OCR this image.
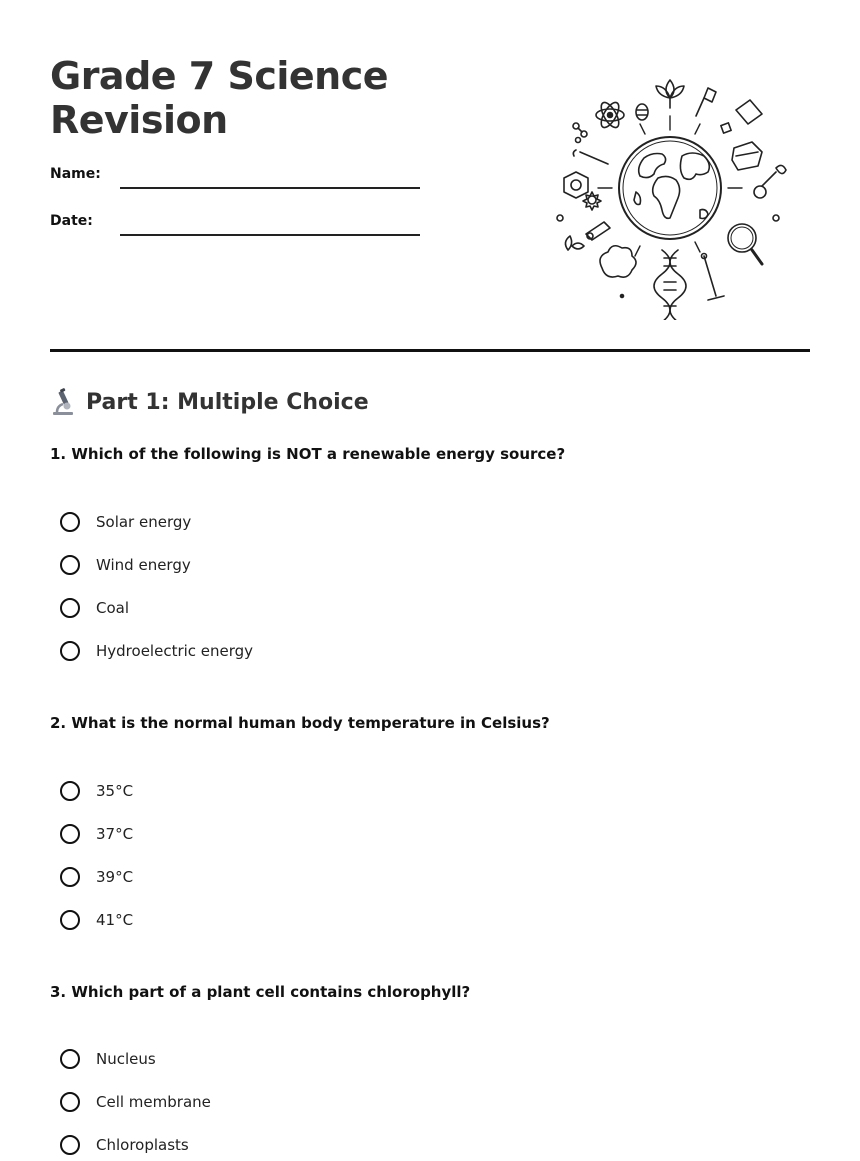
Grade 7 Science Revision
Name:
Date:
Part 1: Multiple Choice
1. Which of the following is NOT a renewable energy source?
Solar energy
Wind energy
Coal
Hydroelectric energy
2. What is the normal human body temperature in Celsius?
35°C
37°C
39°C
41°C
3. Which part of a plant cell contains chlorophyll?
Nucleus
Cell membrane
Chloroplasts
